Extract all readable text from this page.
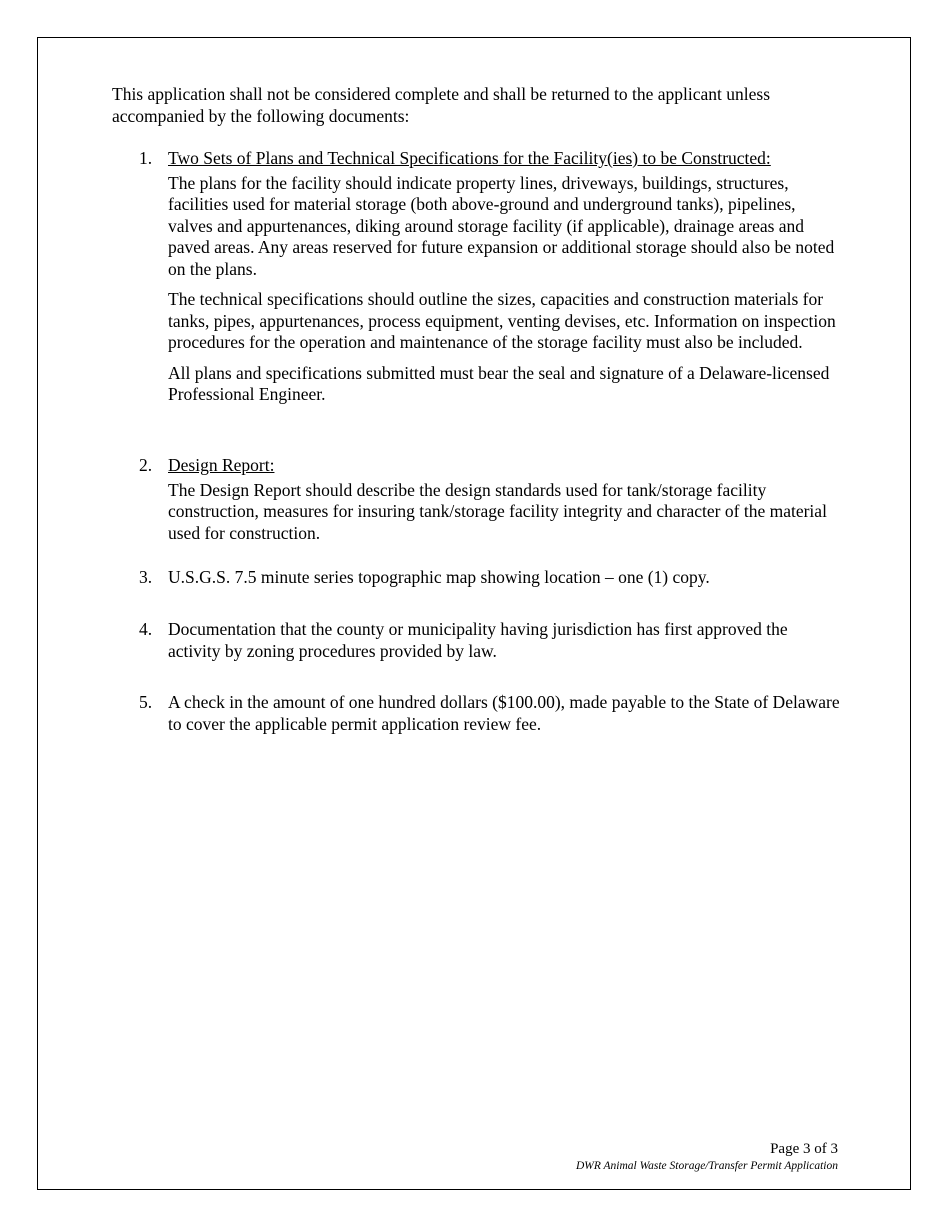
This application shall not be considered complete and shall be returned to the applicant unless accompanied by the following documents:

1. Two Sets of Plans and Technical Specifications for the Facility(ies) to be Constructed:

The plans for the facility should indicate property lines, driveways, buildings, structures, facilities used for material storage (both above-ground and underground tanks), pipelines, valves and appurtenances, diking around storage facility (if applicable), drainage areas and paved areas. Any areas reserved for future expansion or additional storage should also be noted on the plans.

The technical specifications should outline the sizes, capacities and construction materials for tanks, pipes, appurtenances, process equipment, venting devises, etc. Information on inspection procedures for the operation and maintenance of the storage facility must also be included.

All plans and specifications submitted must bear the seal and signature of a Delaware-licensed Professional Engineer.

2. Design Report:

The Design Report should describe the design standards used for tank/storage facility construction, measures for insuring tank/storage facility integrity and character of the material used for construction.

3. U.S.G.S. 7.5 minute series topographic map showing location – one (1) copy.

4. Documentation that the county or municipality having jurisdiction has first approved the activity by zoning procedures provided by law.

5. A check in the amount of one hundred dollars ($100.00), made payable to the State of Delaware to cover the applicable permit application review fee.

Page 3 of 3
DWR Animal Waste Storage/Transfer Permit Application
